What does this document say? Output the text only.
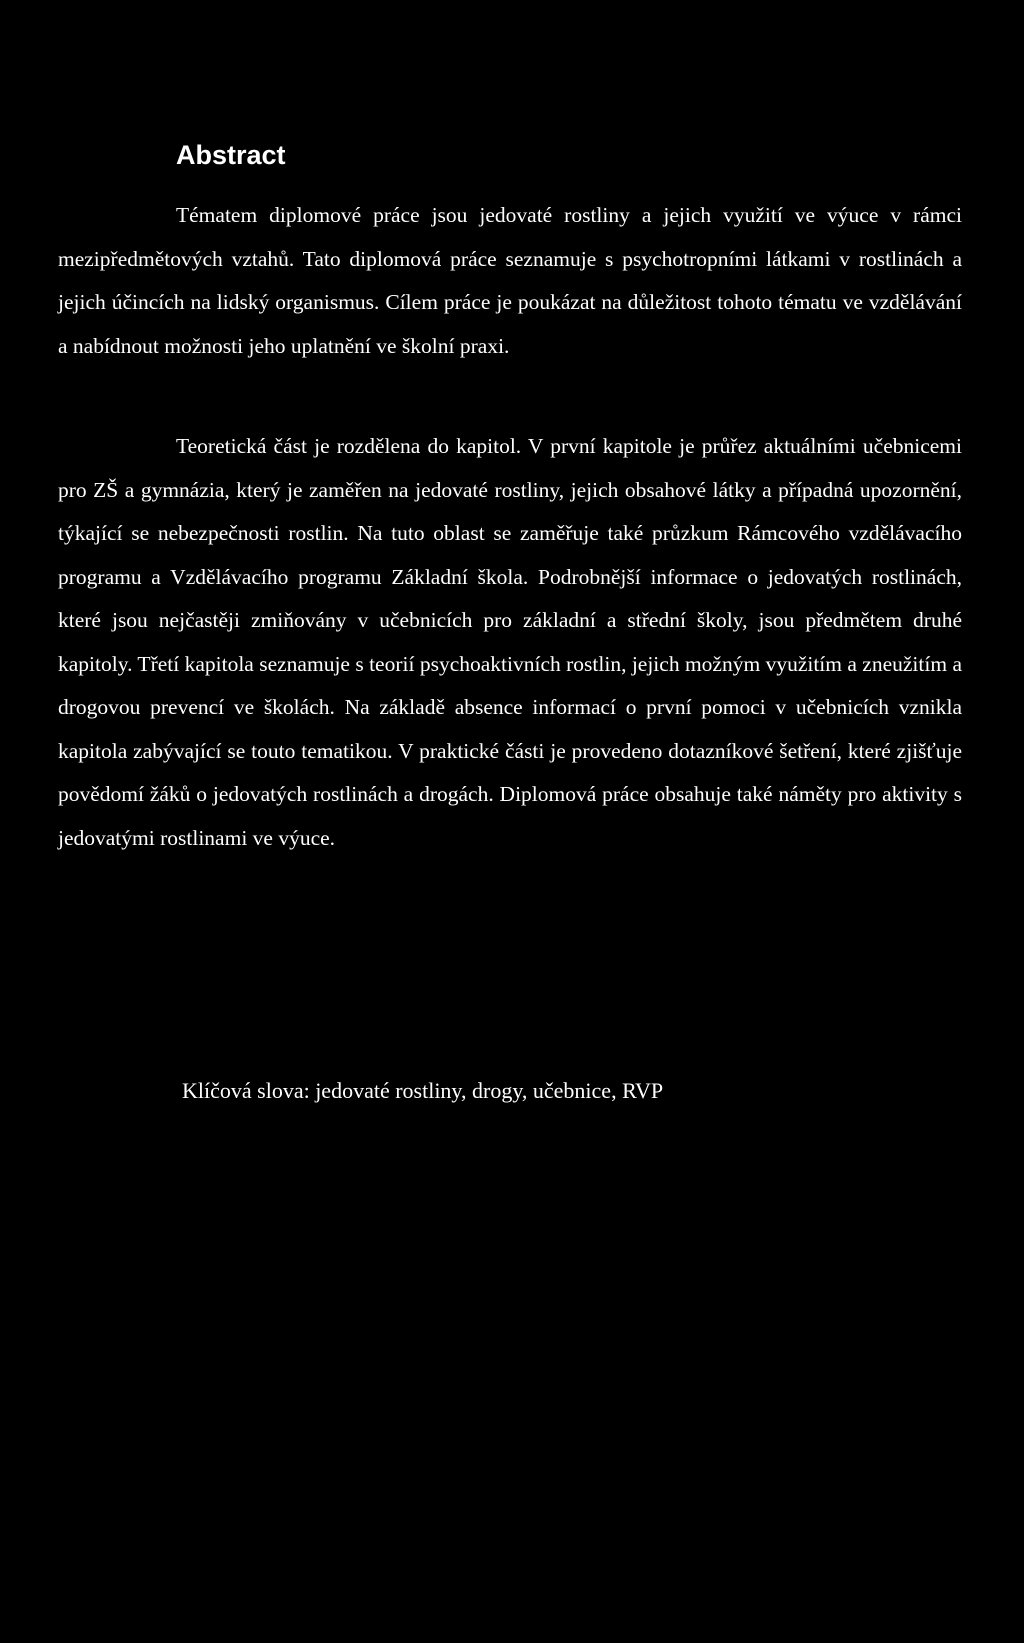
Abstract

Tématem diplomové práce jsou jedovaté rostliny a jejich využití ve výuce v rámci mezipředmětových vztahů. Tato diplomová práce seznamuje s psychotropními látkami v rostlinách a jejich účincích na lidský organismus. Cílem práce je poukázat na důležitost tohoto tématu ve vzdělávání a nabídnout možnosti jeho uplatnění ve školní praxi.

Teoretická část je rozdělena do kapitol. V první kapitole je průřez aktuálními učebnicemi pro ZŠ a gymnázia, který je zaměřen na jedovaté rostliny, jejich obsahové látky a případná upozornění, týkající se nebezpečnosti rostlin. Na tuto oblast se zaměřuje také průzkum Rámcového vzdělávacího programu a Vzdělávacího programu Základní škola. Podrobnější informace o jedovatých rostlinách, které jsou nejčastěji zmiňovány v učebnicích pro základní a střední školy, jsou předmětem druhé kapitoly. Třetí kapitola seznamuje s teorií psychoaktivních rostlin, jejich možným využitím a zneužitím a drogovou prevencí ve školách. Na základě absence informací o první pomoci v učebnicích vznikla kapitola zabývající se touto tematikou. V praktické části je provedeno dotazníkové šetření, které zjišťuje povědomí žáků o jedovatých rostlinách a drogách. Diplomová práce obsahuje také náměty pro aktivity s jedovatými rostlinami ve výuce.

Klíčová slova: jedovaté rostliny, drogy, učebnice, RVP
